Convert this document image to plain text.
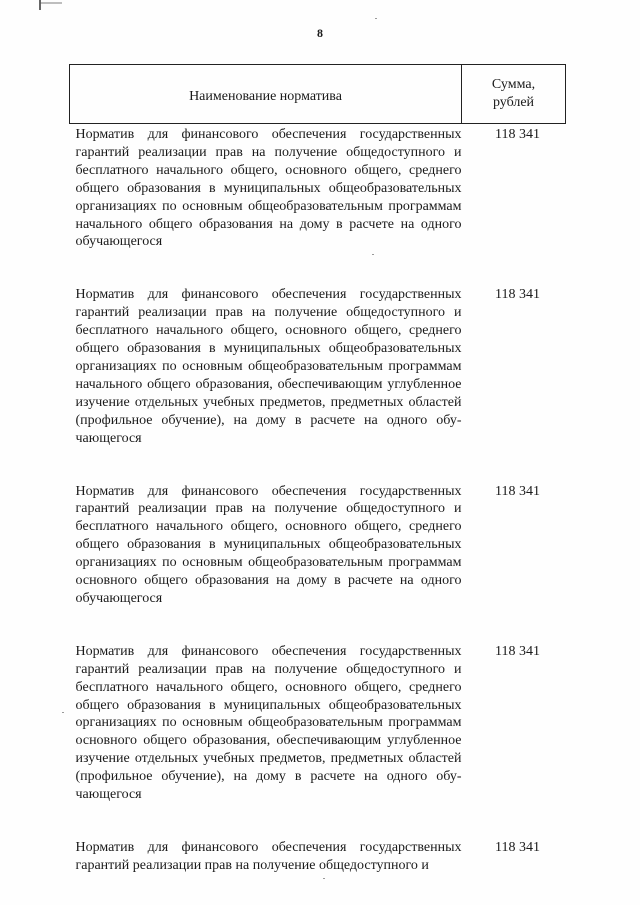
8
Наименование норматива	Сумма,
рублей

Норматив для финансового обеспечения государственных гарантий реализации прав на получение общедоступного и бесплатного начального общего, основного общего, среднего общего образования в муниципальных общеобразовательных организациях по основным общеобразовательным программам начального общего образования на дому в расчете на одного обучающегося	118 341

Норматив для финансового обеспечения государственных гарантий реализации прав на получение общедоступного и бесплатного начального общего, основного общего, среднего общего образования в муниципальных общеобразовательных организациях по основным общеобразовательным программам начального общего образования, обеспечивающим углубленное изучение отдельных учебных предметов, предметных областей (профильное обучение), на дому в расчете на одного обучающегося	118 341

Норматив для финансового обеспечения государственных гарантий реализации прав на получение общедоступного и бесплатного начального общего, основного общего, среднего общего образования в муниципальных общеобразовательных организациях по основным общеобразовательным программам основного общего образования на дому в расчете на одного обучающегося	118 341

Норматив для финансового обеспечения государственных гарантий реализации прав на получение общедоступного и бесплатного начального общего, основного общего, среднего общего образования в муниципальных общеобразовательных организациях по основным общеобразовательным программам основного общего образования, обеспечивающим углубленное изучение отдельных учебных предметов, предметных областей (профильное обучение), на дому в расчете на одного обучающегося	118 341

Норматив для финансового обеспечения государственных гарантий реализации прав на получение общедоступного и	118 341
